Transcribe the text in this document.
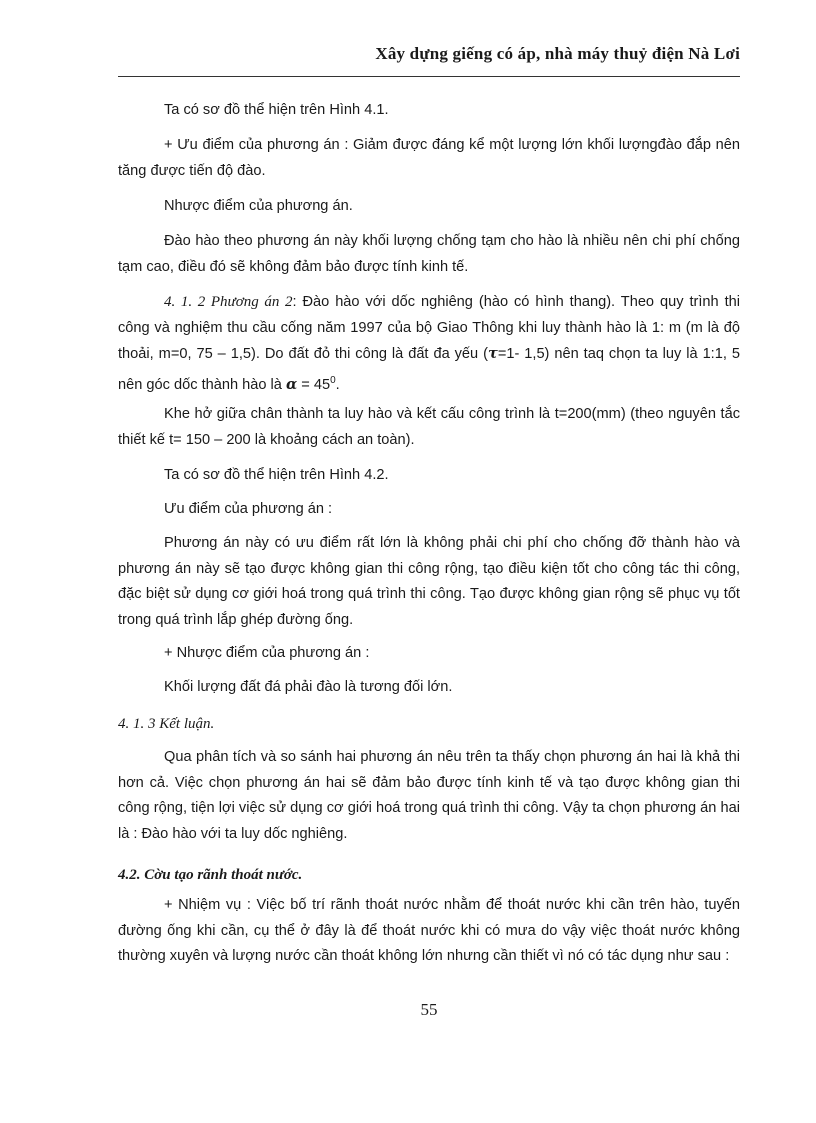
Xây dựng giếng có áp, nhà máy thuỷ điện Nà Lơi

Ta có sơ đồ thể hiện trên Hình 4.1.

+ Ưu điểm của phương án : Giảm được đáng kể một lượng lớn khối lượngđào đắp nên tăng được tiến độ đào.

Nhược điểm của phương án.

Đào hào theo phương án này khối lượng chống tạm cho hào là nhiều nên chi phí chống tạm cao, điều đó sẽ không đảm bảo được tính kinh tế.

4. 1. 2 Phương án 2: Đào hào với dốc nghiêng (hào có hình thang). Theo quy trình thi công và nghiệm thu cầu cống năm 1997 của bộ Giao Thông khi luy thành hào là 1: m (m là độ thoải, m=0, 75 – 1,5). Do đất đỏ thi công là đất đa yếu (τ=1- 1,5) nên taq chọn ta luy là 1:1, 5 nên góc dốc thành hào là $\alpha = 45^0$.

Khe hở giữa chân thành ta luy hào và kết cấu công trình là t=200(mm) (theo nguyên tắc thiết kế t= 150 – 200 là khoảng cách an toàn).

Ta có sơ đồ thể hiện trên Hình 4.2.

Ưu điểm của phương án :

Phương án này có ưu điểm rất lớn là không phải chi phí cho chống đỡ thành hào và phương án này sẽ tạo được không gian thi công rộng, tạo điều kiện tốt cho công tác thi công, đặc biệt sử dụng cơ giới hoá trong quá trình thi công. Tạo được không gian rộng sẽ phục vụ tốt trong quá trình lắp ghép đường ống.

+ Nhược điểm của phương án :

Khối lượng đất đá phải đào là tương đối lớn.

4. 1. 3 Kết luận.

Qua phân tích và so sánh hai phương án nêu trên ta thấy chọn phương án hai là khả thi hơn cả. Việc chọn phương án hai sẽ đảm bảo được tính kinh tế và tạo được không gian thi công rộng, tiện lợi việc sử dụng cơ giới hoá trong quá trình thi công. Vậy ta chọn phương án hai là : Đào hào với ta luy dốc nghiêng.

4.2. Cờu tạo rãnh thoát nước.

+ Nhiệm vụ : Việc bố trí rãnh thoát nước nhằm để thoát nước khi cần trên hào, tuyến đường ống khi cần, cụ thể ở đây là để thoát nước khi có mưa do vậy việc thoát nước không thường xuyên và lượng nước cần thoát không lớn nhưng cần thiết vì nó có tác dụng như sau :

55
